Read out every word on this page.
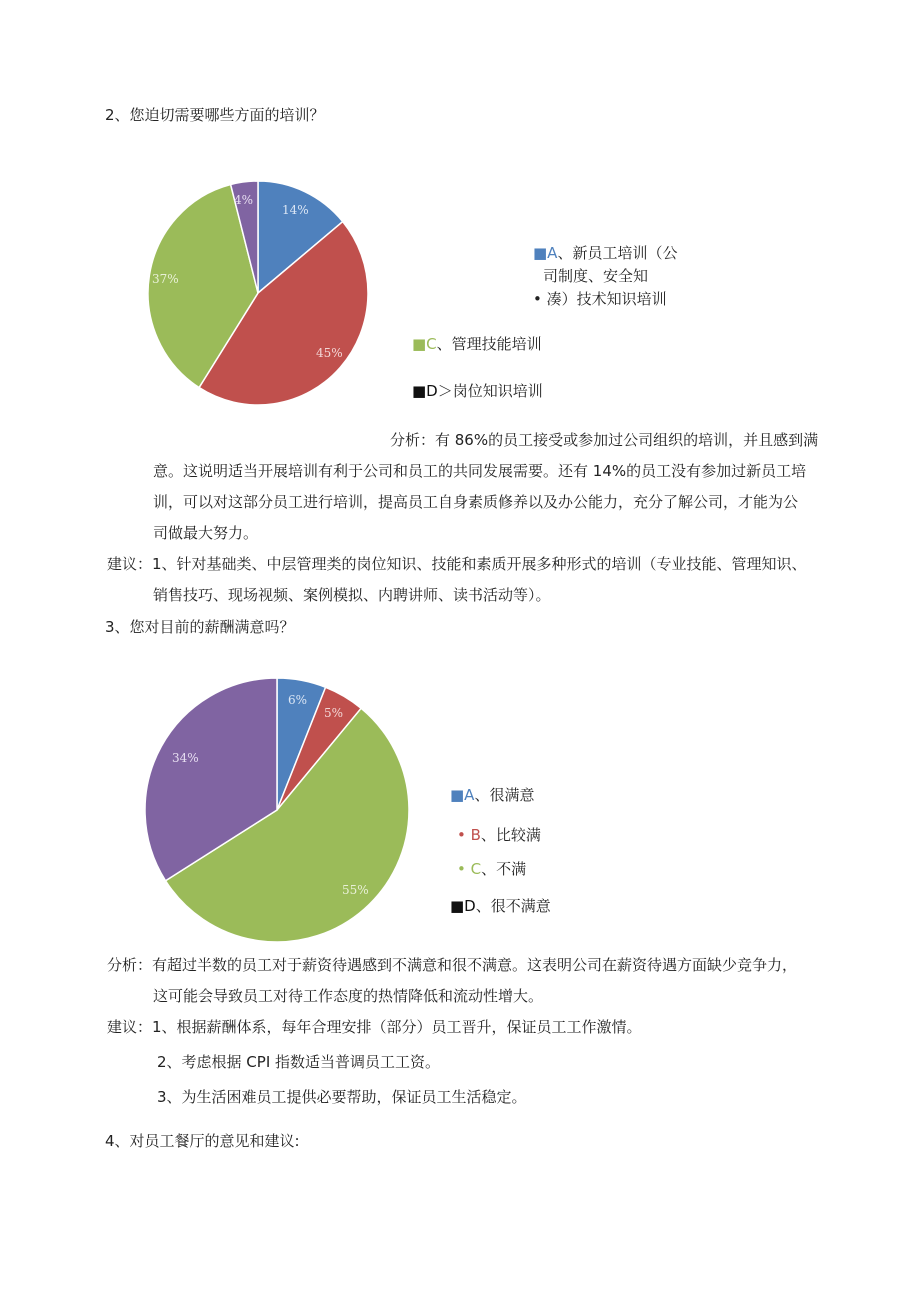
2、您迫切需要哪些方面的培训？
14%
45%
37%
4%
■A、新员工培训（公
司制度、安全知
• 凑）技术知识培训
■C、管理技能培训
■D＞岗位知识培训
分析：有 86%的员工接受或参加过公司组织的培训，并且感到满
意。这说明适当开展培训有利于公司和员工的共同发展需要。还有 14%的员工没有参加过新员工培
训，可以对这部分员工进行培训，提高员工自身素质修养以及办公能力，充分了解公司，才能为公
司做最大努力。
建议：1、针对基础类、中层管理类的岗位知识、技能和素质开展多种形式的培训（专业技能、管理知识、
销售技巧、现场视频、案例模拟、内聘讲师、读书活动等）。
3、您对目前的薪酬满意吗？
6%
5%
55%
34%
■A、很满意
• B、比较满
• C、不满
■D、很不满意
分析：有超过半数的员工对于薪资待遇感到不满意和很不满意。这表明公司在薪资待遇方面缺少竞争力，
这可能会导致员工对待工作态度的热情降低和流动性增大。
建议：1、根据薪酬体系，每年合理安排（部分）员工晋升，保证员工工作激情。
2、考虑根据 CPI 指数适当普调员工工资。
3、为生活困难员工提供必要帮助，保证员工生活稳定。
4、对员工餐厅的意见和建议:
